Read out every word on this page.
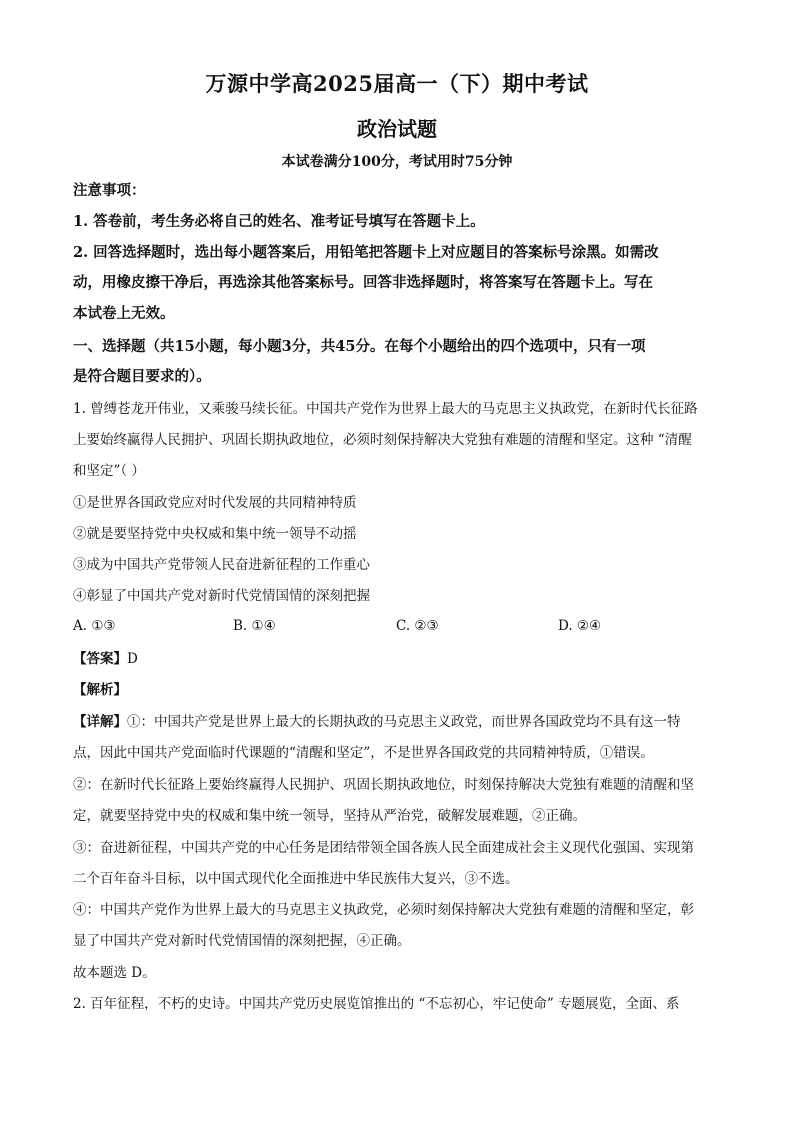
万源中学高2025届高一（下）期中考试
政治试题
本试卷满分100分，考试用时75分钟
注意事项：
1. 答卷前，考生务必将自己的姓名、准考证号填写在答题卡上。
2. 回答选择题时，选出每小题答案后，用铅笔把答题卡上对应题目的答案标号涂黑。如需改
动，用橡皮擦干净后，再选涂其他答案标号。回答非选择题时，将答案写在答题卡上。写在
本试卷上无效。
一、选择题（共15小题，每小题3分，共45分。在每个小题给出的四个选项中，只有一项
是符合题目要求的）。
1. 曾缚苍龙开伟业，又乘骏马续长征。中国共产党作为世界上最大的马克思主义执政党，在新时代长征路
上要始终赢得人民拥护、巩固长期执政地位，必须时刻保持解决大党独有难题的清醒和坚定。这种 “清醒
和坚定”（ ）
①是世界各国政党应对时代发展的共同精神特质
②就是要坚持党中央权威和集中统一领导不动摇
③成为中国共产党带领人民奋进新征程的工作重心
④彰显了中国共产党对新时代党情国情的深刻把握
A. ①③	B. ①④	C. ②③	D. ②④
【答案】D
【解析】
【详解】①：中国共产党是世界上最大的长期执政的马克思主义政党，而世界各国政党均不具有这一特
点，因此中国共产党面临时代课题的“清醒和坚定”，不是世界各国政党的共同精神特质，①错误。
②：在新时代长征路上要始终赢得人民拥护、巩固长期执政地位，时刻保持解决大党独有难题的清醒和坚
定，就要坚持党中央的权威和集中统一领导，坚持从严治党，破解发展难题，②正确。
③：奋进新征程，中国共产党的中心任务是团结带领全国各族人民全面建成社会主义现代化强国、实现第
二个百年奋斗目标，以中国式现代化全面推进中华民族伟大复兴，③不选。
④：中国共产党作为世界上最大的马克思主义执政党，必须时刻保持解决大党独有难题的清醒和坚定，彰
显了中国共产党对新时代党情国情的深刻把握，④正确。
故本题选 D。
2. 百年征程，不朽的史诗。中国共产党历史展览馆推出的 “不忘初心，牢记使命” 专题展览，全面、系
